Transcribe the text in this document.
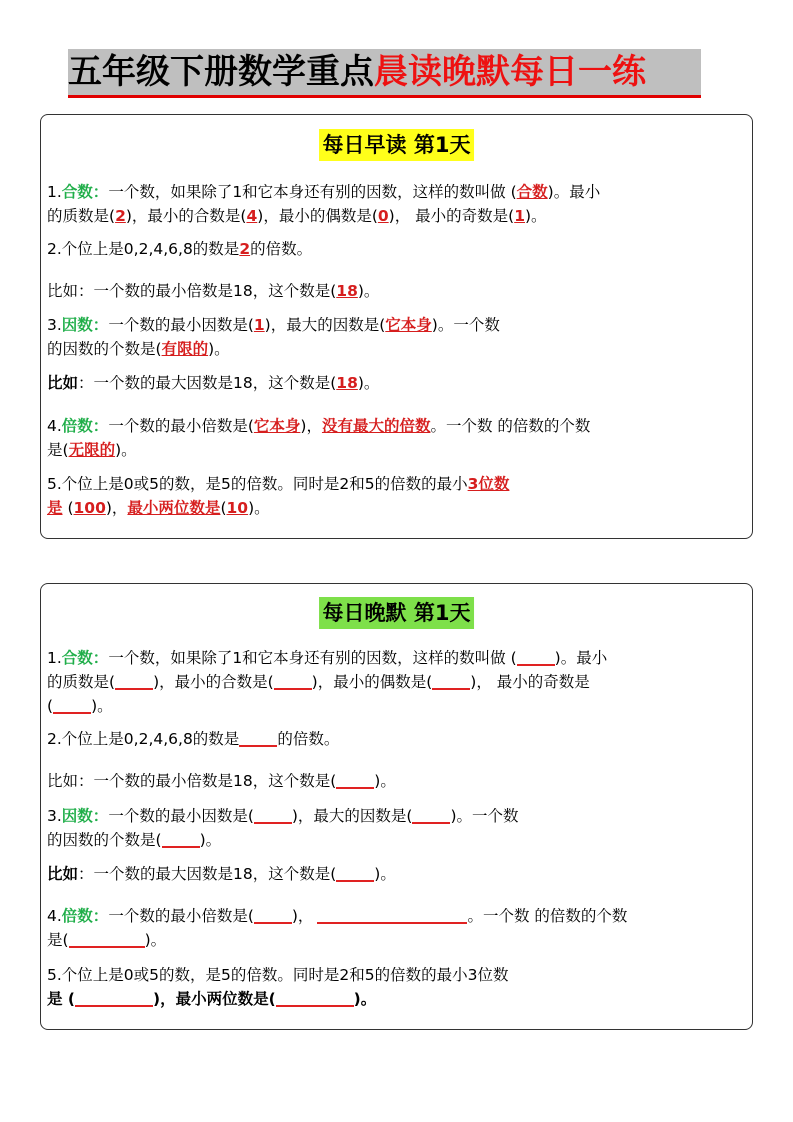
五年级下册数学重点晨读晚默每日一练
每日早读 第1天
1.合数：一个数，如果除了1和它本身还有别的因数，这样的数叫做 (合数)。最小
的质数是(2)，最小的合数是(4)，最小的偶数是(0)， 最小的奇数是(1)。
2.个位上是0,2,4,6,8的数是2的倍数。
比如：一个数的最小倍数是18，这个数是(18)。
3.因数：一个数的最小因数是(1)，最大的因数是(它本身)。一个数
的因数的个数是(有限的)。
比如：一个数的最大因数是18，这个数是(18)。
4.倍数：一个数的最小倍数是(它本身)，没有最大的倍数。一个数 的倍数的个数
是(无限的)。
5.个位上是0或5的数，是5的倍数。同时是2和5的倍数的最小3位数
是 (100)，最小两位数是(10)。
每日晚默 第1天
1.合数：一个数，如果除了1和它本身还有别的因数，这样的数叫做 ( )。最小
的质数是( )，最小的合数是( )，最小的偶数是( )， 最小的奇数是
( )。
2.个位上是0,2,4,6,8的数是 的倍数。
比如：一个数的最小倍数是18，这个数是( )。
3.因数：一个数的最小因数是( )，最大的因数是( )。一个数
的因数的个数是( )。
比如：一个数的最大因数是18，这个数是( )。
4.倍数：一个数的最小倍数是( )，	。一个数 的倍数的个数
是(	)。
5.个位上是0或5的数，是5的倍数。同时是2和5的倍数的最小3位数
是 (	)，最小两位数是(	)。
